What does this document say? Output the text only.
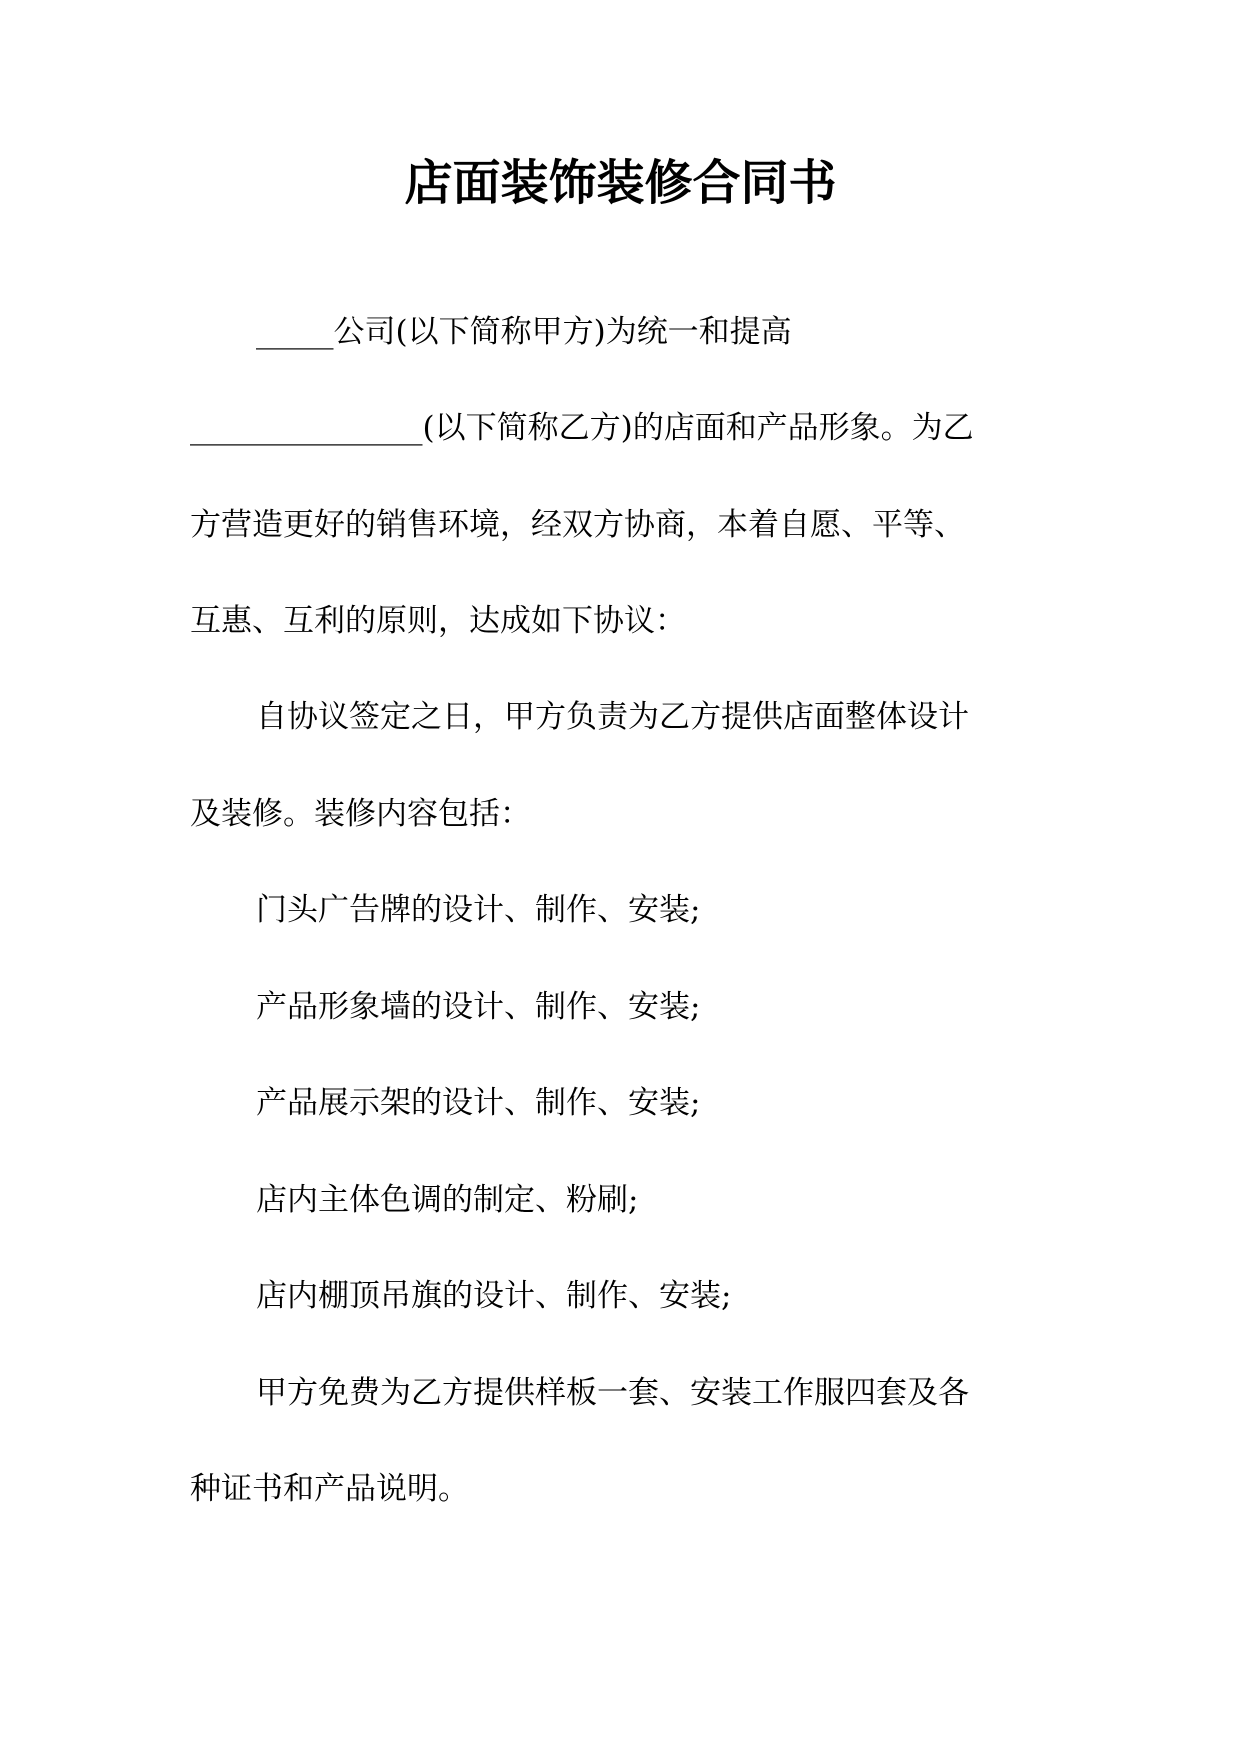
店面装饰装修合同书

_____公司(以下简称甲方)为统一和提高

_______________(以下简称乙方)的店面和产品形象。为乙

方营造更好的销售环境，经双方协商，本着自愿、平等、

互惠、互利的原则，达成如下协议：

自协议签定之日，甲方负责为乙方提供店面整体设计

及装修。装修内容包括：

门头广告牌的设计、制作、安装;

产品形象墙的设计、制作、安装;

产品展示架的设计、制作、安装;

店内主体色调的制定、粉刷;

店内棚顶吊旗的设计、制作、安装;

甲方免费为乙方提供样板一套、安装工作服四套及各

种证书和产品说明。
